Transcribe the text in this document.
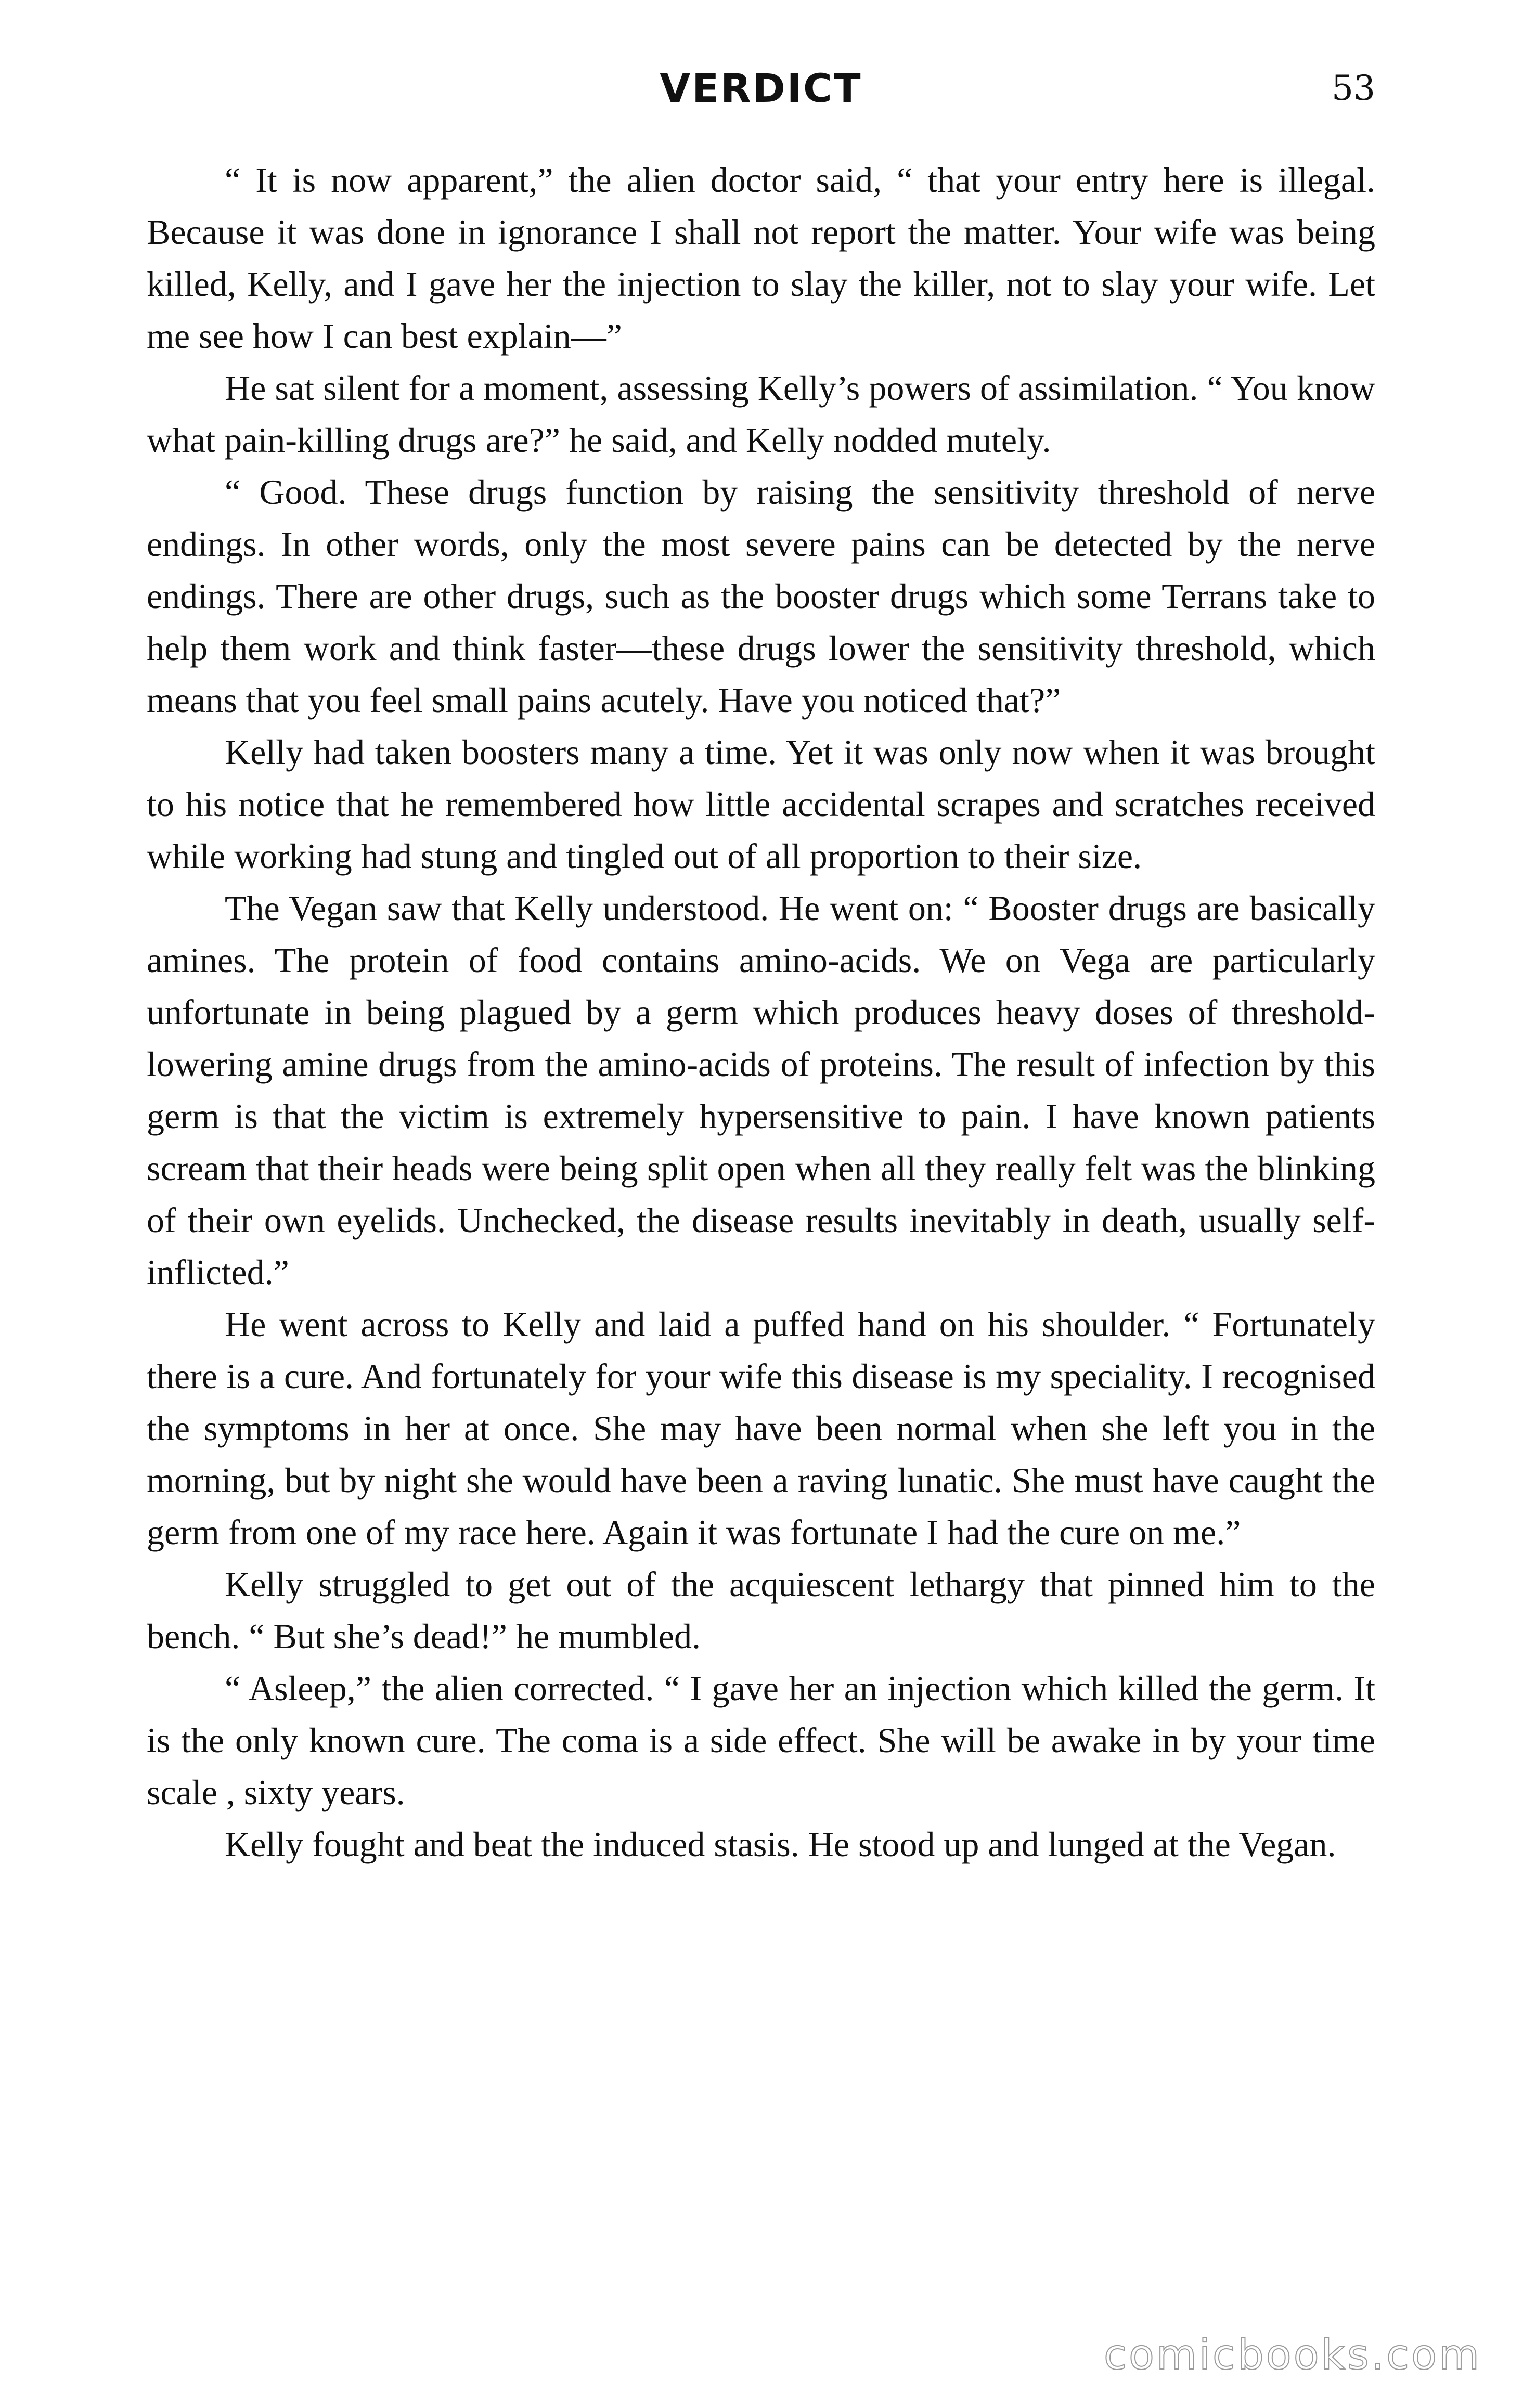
VERDICT	53

“ It is now apparent,” the alien doctor said, “ that your entry here is illegal. Because it was done in ignorance I shall not report the matter. Your wife was being killed, Kelly, and I gave her the injection to slay the killer, not to slay your wife. Let me see how I can best explain—”

He sat silent for a moment, assessing Kelly’s powers of assimilation. “ You know what pain-killing drugs are?” he said, and Kelly nodded mutely.

“ Good. These drugs function by raising the sensitivity threshold of nerve endings. In other words, only the most severe pains can be detected by the nerve endings. There are other drugs, such as the booster drugs which some Terrans take to help them work and think faster—these drugs lower the sensitivity threshold, which means that you feel small pains acutely. Have you noticed that?”

Kelly had taken boosters many a time. Yet it was only now when it was brought to his notice that he remembered how little accidental scrapes and scratches received while working had stung and tingled out of all proportion to their size.

The Vegan saw that Kelly understood. He went on: “ Booster drugs are basically amines. The protein of food contains amino-acids. We on Vega are particularly unfortunate in being plagued by a germ which produces heavy doses of threshold-lowering amine drugs from the amino-acids of proteins. The result of infection by this germ is that the victim is extremely hypersensitive to pain. I have known patients scream that their heads were being split open when all they really felt was the blinking of their own eyelids. Unchecked, the disease results inevitably in death, usually self-inflicted.”

He went across to Kelly and laid a puffed hand on his shoulder. “ Fortunately there is a cure. And fortunately for your wife this disease is my speciality. I recognised the symptoms in her at once. She may have been normal when she left you in the morning, but by night she would have been a raving lunatic. She must have caught the germ from one of my race here. Again it was fortunate I had the cure on me.”

Kelly struggled to get out of the acquiescent lethargy that pinned him to the bench. “ But she’s dead!” he mumbled.

“ Asleep,” the alien corrected. “ I gave her an injection which killed the germ. It is the only known cure. The coma is a side effect. She will be awake in by your time scale , sixty years.

Kelly fought and beat the induced stasis. He stood up and lunged at the Vegan.

comicbooks.com
